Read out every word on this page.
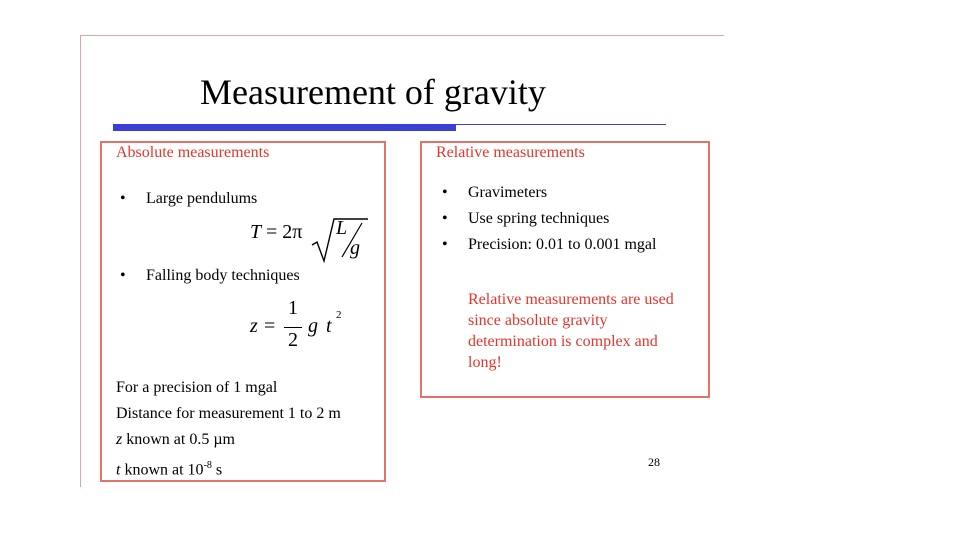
Measurement of gravity
Absolute measurements
• Large pendulums
T = 2π L
g
• Falling body techniques
z =
1
2
g t 2
For a precision of 1 mgal
Distance for measurement 1 to 2 m
z known at 0.5 µm
t known at $10^{-8}$ s
Relative measurements
• Gravimeters
• Use spring techniques
• Precision: 0.01 to 0.001 mgal
Relative measurements are used
since absolute gravity
determination is complex and
long!
28
